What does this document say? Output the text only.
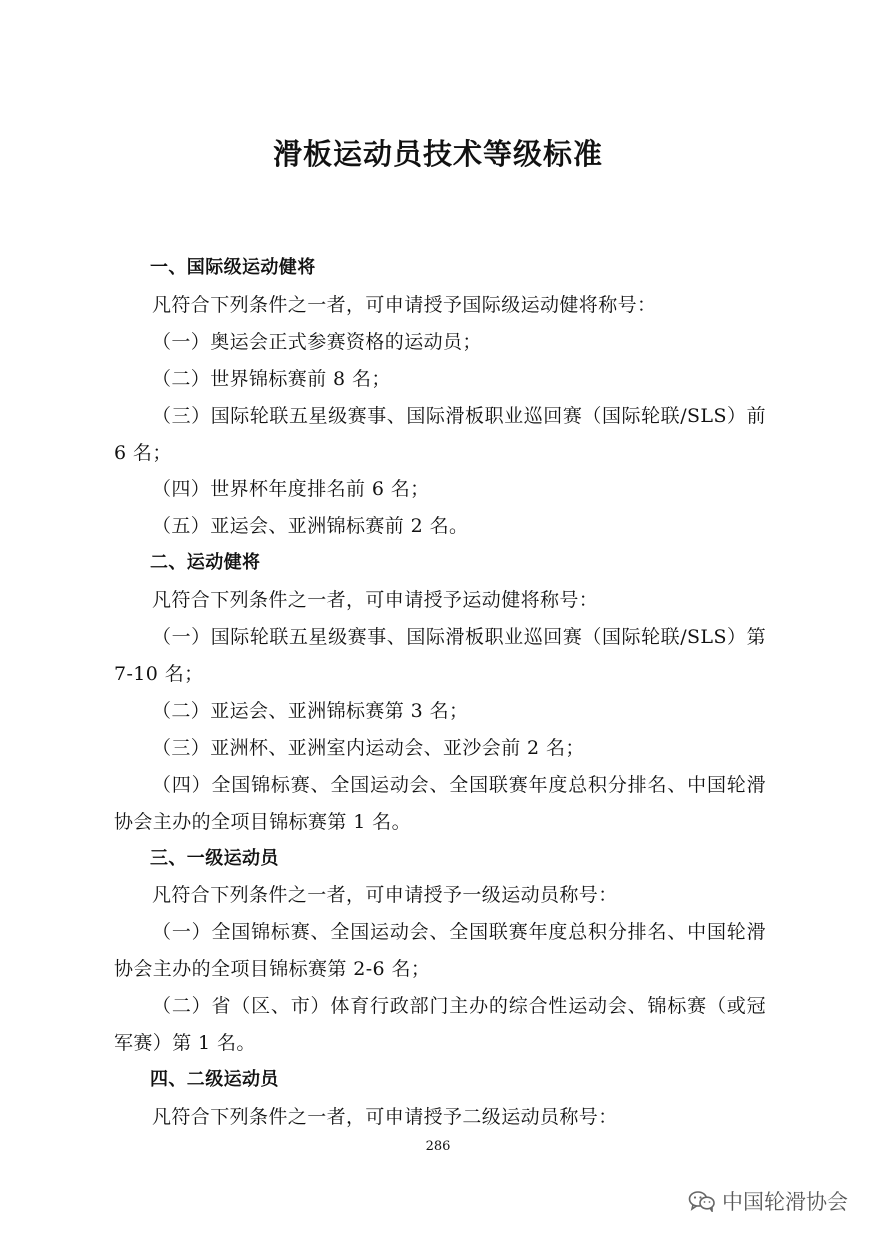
滑板运动员技术等级标准

一、国际级运动健将

凡符合下列条件之一者，可申请授予国际级运动健将称号：

（一）奥运会正式参赛资格的运动员；

（二）世界锦标赛前 8 名；

（三）国际轮联五星级赛事、国际滑板职业巡回赛（国际轮联/SLS）前 6 名；

（四）世界杯年度排名前 6 名；

（五）亚运会、亚洲锦标赛前 2 名。

二、运动健将

凡符合下列条件之一者，可申请授予运动健将称号：

（一）国际轮联五星级赛事、国际滑板职业巡回赛（国际轮联/SLS）第 7-10 名；

（二）亚运会、亚洲锦标赛第 3 名；

（三）亚洲杯、亚洲室内运动会、亚沙会前 2 名；

（四）全国锦标赛、全国运动会、全国联赛年度总积分排名、中国轮滑协会主办的全项目锦标赛第 1 名。

三、一级运动员

凡符合下列条件之一者，可申请授予一级运动员称号：

（一）全国锦标赛、全国运动会、全国联赛年度总积分排名、中国轮滑协会主办的全项目锦标赛第 2-6 名；

（二）省（区、市）体育行政部门主办的综合性运动会、锦标赛（或冠军赛）第 1 名。

四、二级运动员

凡符合下列条件之一者，可申请授予二级运动员称号：

286
中国轮滑协会
